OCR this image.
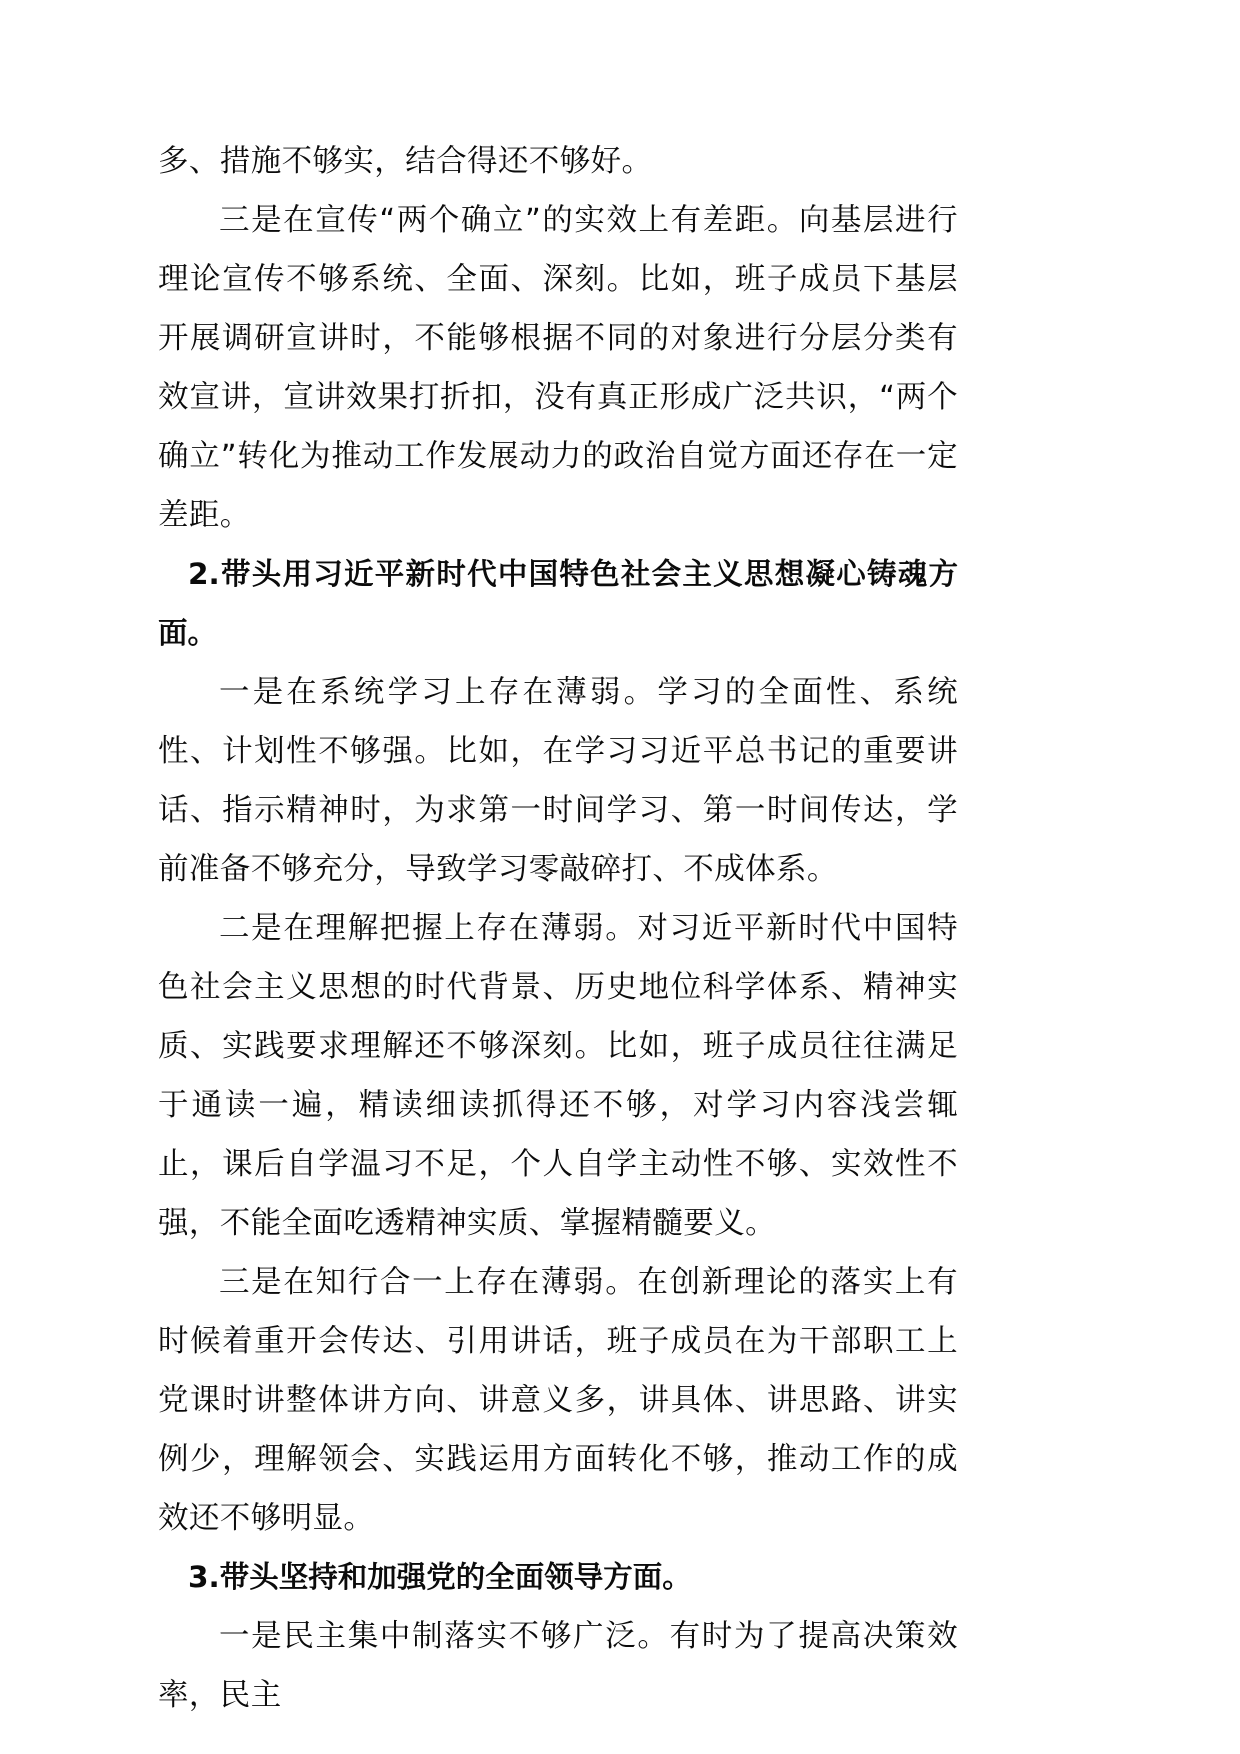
多、措施不够实，结合得还不够好。

三是在宣传“两个确立”的实效上有差距。向基层进行理论宣传不够系统、全面、深刻。比如，班子成员下基层开展调研宣讲时，不能够根据不同的对象进行分层分类有效宣讲，宣讲效果打折扣，没有真正形成广泛共识，“两个确立”转化为推动工作发展动力的政治自觉方面还存在一定差距。

2.带头用习近平新时代中国特色社会主义思想凝心铸魂方面。

一是在系统学习上存在薄弱。学习的全面性、系统性、计划性不够强。比如，在学习习近平总书记的重要讲话、指示精神时，为求第一时间学习、第一时间传达，学前准备不够充分，导致学习零敲碎打、不成体系。

二是在理解把握上存在薄弱。对习近平新时代中国特色社会主义思想的时代背景、历史地位科学体系、精神实质、实践要求理解还不够深刻。比如，班子成员往往满足于通读一遍，精读细读抓得还不够，对学习内容浅尝辄止，课后自学温习不足，个人自学主动性不够、实效性不强，不能全面吃透精神实质、掌握精髓要义。

三是在知行合一上存在薄弱。在创新理论的落实上有时候着重开会传达、引用讲话，班子成员在为干部职工上党课时讲整体讲方向、讲意义多，讲具体、讲思路、讲实例少，理解领会、实践运用方面转化不够，推动工作的成效还不够明显。

3.带头坚持和加强党的全面领导方面。

一是民主集中制落实不够广泛。有时为了提高决策效率，民主
